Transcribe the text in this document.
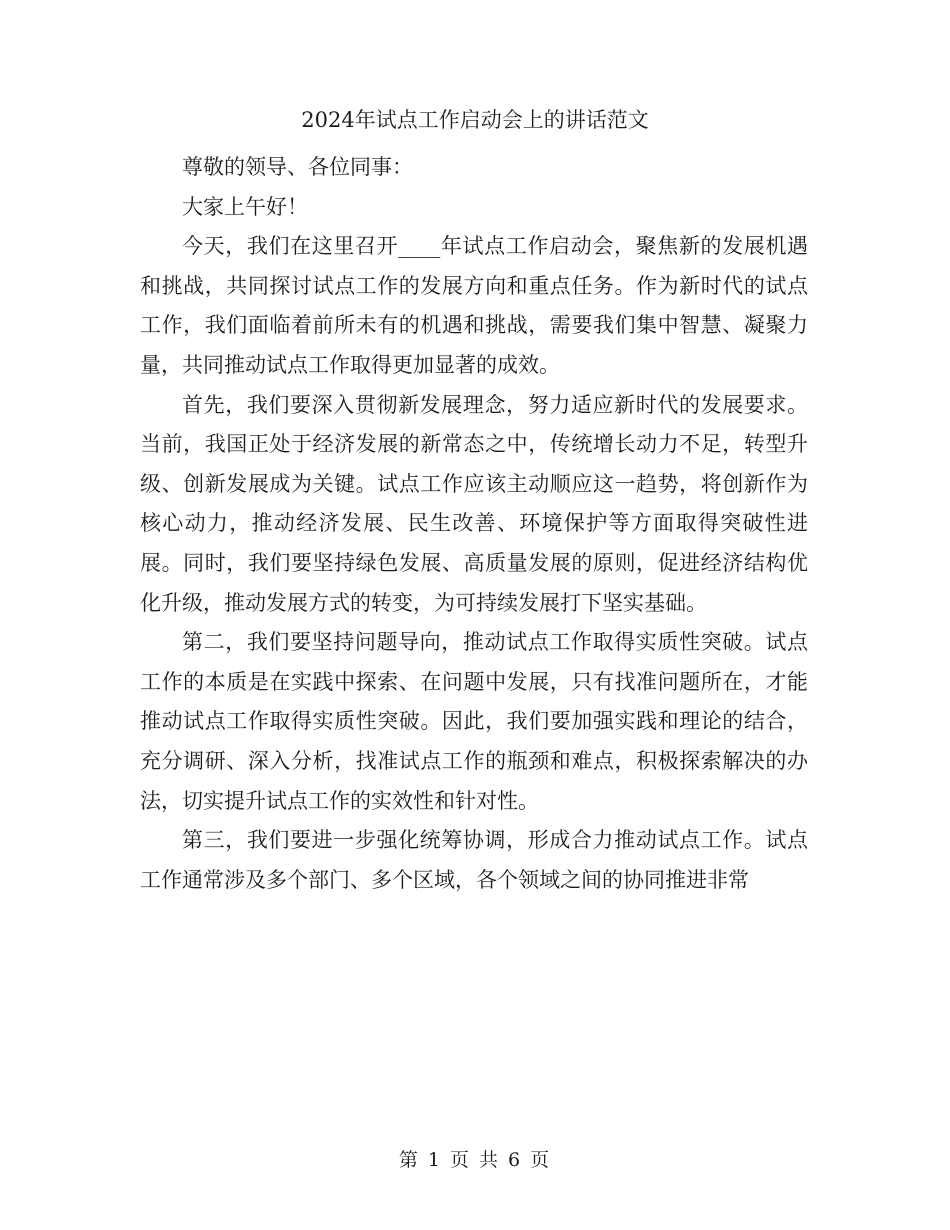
2024年试点工作启动会上的讲话范文

尊敬的领导、各位同事：

大家上午好！

今天，我们在这里召开____年试点工作启动会，聚焦新的发展机遇和挑战，共同探讨试点工作的发展方向和重点任务。作为新时代的试点工作，我们面临着前所未有的机遇和挑战，需要我们集中智慧、凝聚力量，共同推动试点工作取得更加显著的成效。

首先，我们要深入贯彻新发展理念，努力适应新时代的发展要求。当前，我国正处于经济发展的新常态之中，传统增长动力不足，转型升级、创新发展成为关键。试点工作应该主动顺应这一趋势，将创新作为核心动力，推动经济发展、民生改善、环境保护等方面取得突破性进展。同时，我们要坚持绿色发展、高质量发展的原则，促进经济结构优化升级，推动发展方式的转变，为可持续发展打下坚实基础。

第二，我们要坚持问题导向，推动试点工作取得实质性突破。试点工作的本质是在实践中探索、在问题中发展，只有找准问题所在，才能推动试点工作取得实质性突破。因此，我们要加强实践和理论的结合，充分调研、深入分析，找准试点工作的瓶颈和难点，积极探索解决的办法，切实提升试点工作的实效性和针对性。

第三，我们要进一步强化统筹协调，形成合力推动试点工作。试点工作通常涉及多个部门、多个区域，各个领域之间的协同推进非常

第 1 页 共 6 页
